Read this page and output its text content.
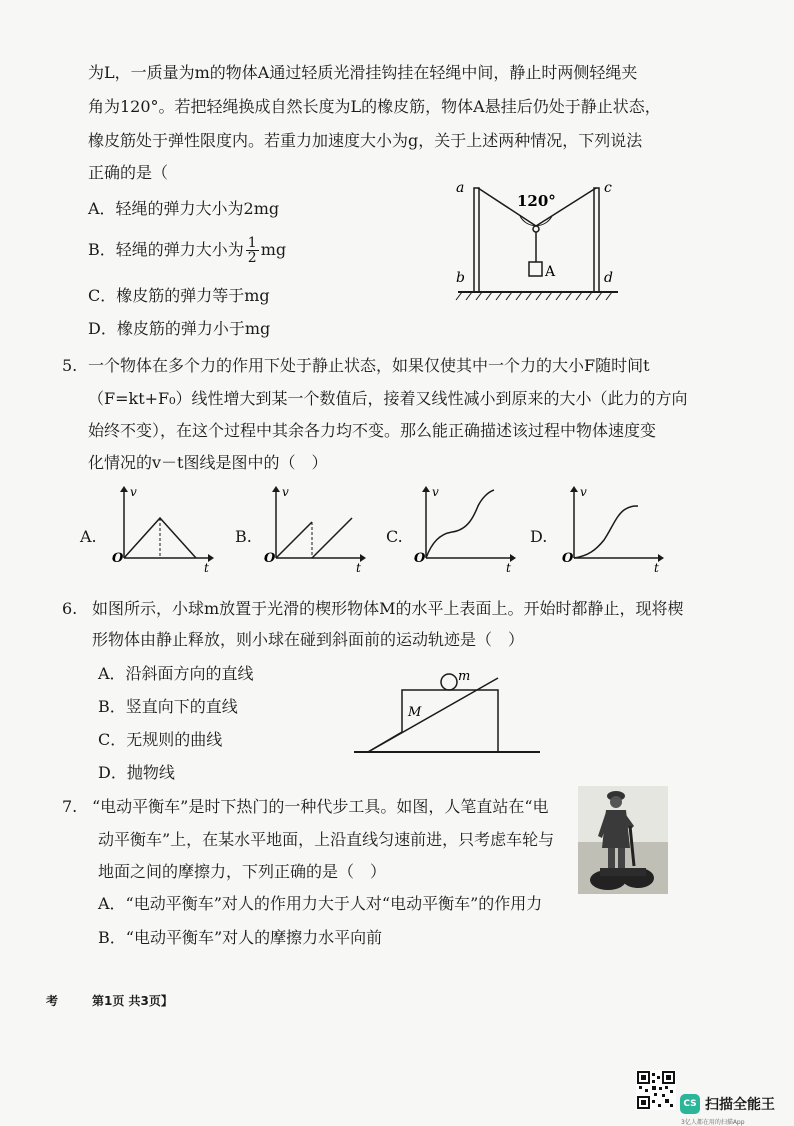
为L，一质量为m的物体A通过轻质光滑挂钩挂在轻绳中间，静止时两侧轻绳夹
角为120°。若把轻绳换成自然长度为L的橡皮筋，物体A悬挂后仍处于静止状态，
橡皮筋处于弹性限度内。若重力加速度大小为g，关于上述两种情况，下列说法
正确的是（
A．轻绳的弹力大小为2mg
B．轻绳的弹力大小为 $\frac{1}{2}$ mg
C．橡皮筋的弹力等于mg
D．橡皮筋的弹力小于mg
120°
a
b
c
d
A
5. 一个物体在多个力的作用下处于静止状态，如果仅使其中一个力的大小F随时间t
（F=kt+F₀）线性增大到某一个数值后，接着又线性减小到原来的大小（此力的方向
始终不变），在这个过程中其余各力均不变。那么能正确描述该过程中物体速度变
化情况的v－t图线是图中的（　）
A.
v
O
t
B.
v
O
t
C.
v
O
t
D.
v
O
t
6. 如图所示，小球m放置于光滑的楔形物体M的水平上表面上。开始时都静止，现将楔
形物体由静止释放，则小球在碰到斜面前的运动轨迹是（　）
A．沿斜面方向的直线
B．竖直向下的直线
C．无规则的曲线
D．抛物线
m
M
7. “电动平衡车”是时下热门的一种代步工具。如图，人笔直站在“电
动平衡车”上，在某水平地面，上沿直线匀速前进，只考虑车轮与
地面之间的摩擦力，下列正确的是（　）
A．“电动平衡车”对人的作用力大于人对“电动平衡车”的作用力
B．“电动平衡车”对人的摩擦力水平向前
考	第1页 共3页】
CS 扫描全能王
3亿人都在用的扫描App
